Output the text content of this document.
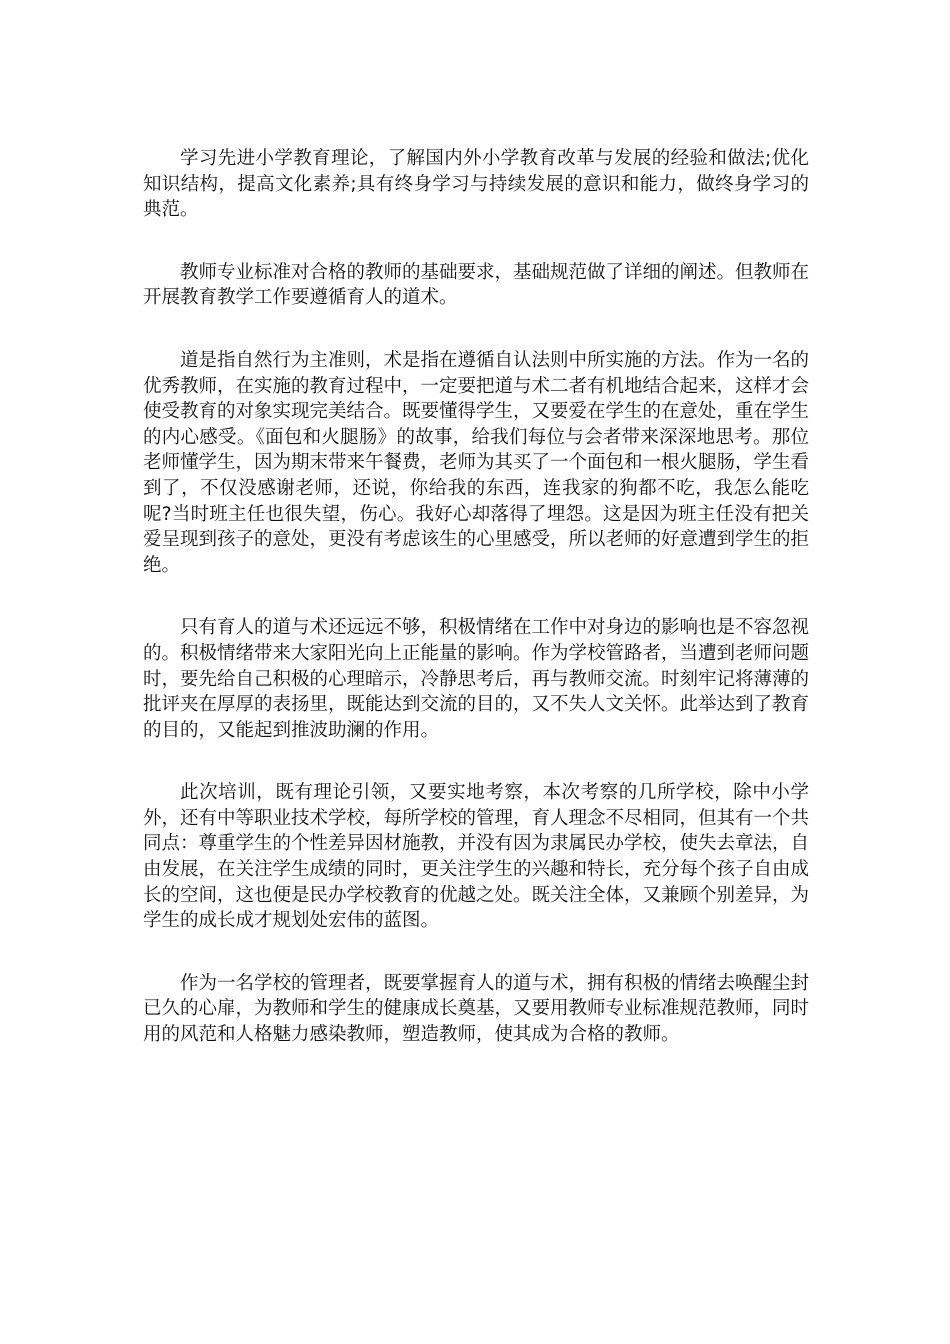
学习先进小学教育理论，了解国内外小学教育改革与发展的经验和做法;优化知识结构，提高文化素养;具有终身学习与持续发展的意识和能力，做终身学习的典范。

教师专业标准对合格的教师的基础要求，基础规范做了详细的阐述。但教师在开展教育教学工作要遵循育人的道术。

道是指自然行为主准则，术是指在遵循自认法则中所实施的方法。作为一名的优秀教师，在实施的教育过程中，一定要把道与术二者有机地结合起来，这样才会使受教育的对象实现完美结合。既要懂得学生，又要爱在学生的在意处，重在学生的内心感受。《面包和火腿肠》的故事，给我们每位与会者带来深深地思考。那位老师懂学生，因为期末带来午餐费，老师为其买了一个面包和一根火腿肠，学生看到了，不仅没感谢老师，还说，你给我的东西，连我家的狗都不吃，我怎么能吃呢?当时班主任也很失望，伤心。我好心却落得了埋怨。这是因为班主任没有把关爱呈现到孩子的意处，更没有考虑该生的心里感受，所以老师的好意遭到学生的拒绝。

只有育人的道与术还远远不够，积极情绪在工作中对身边的影响也是不容忽视的。积极情绪带来大家阳光向上正能量的影响。作为学校管路者，当遭到老师问题时，要先给自己积极的心理暗示，冷静思考后，再与教师交流。时刻牢记将薄薄的批评夹在厚厚的表扬里，既能达到交流的目的，又不失人文关怀。此举达到了教育的目的，又能起到推波助澜的作用。

此次培训，既有理论引领，又要实地考察，本次考察的几所学校，除中小学外，还有中等职业技术学校，每所学校的管理，育人理念不尽相同，但其有一个共同点：尊重学生的个性差异因材施教，并没有因为隶属民办学校，使失去章法，自由发展，在关注学生成绩的同时，更关注学生的兴趣和特长，充分每个孩子自由成长的空间，这也便是民办学校教育的优越之处。既关注全体，又兼顾个别差异，为学生的成长成才规划处宏伟的蓝图。

作为一名学校的管理者，既要掌握育人的道与术，拥有积极的情绪去唤醒尘封已久的心扉，为教师和学生的健康成长奠基，又要用教师专业标准规范教师，同时用的风范和人格魅力感染教师，塑造教师，使其成为合格的教师。
